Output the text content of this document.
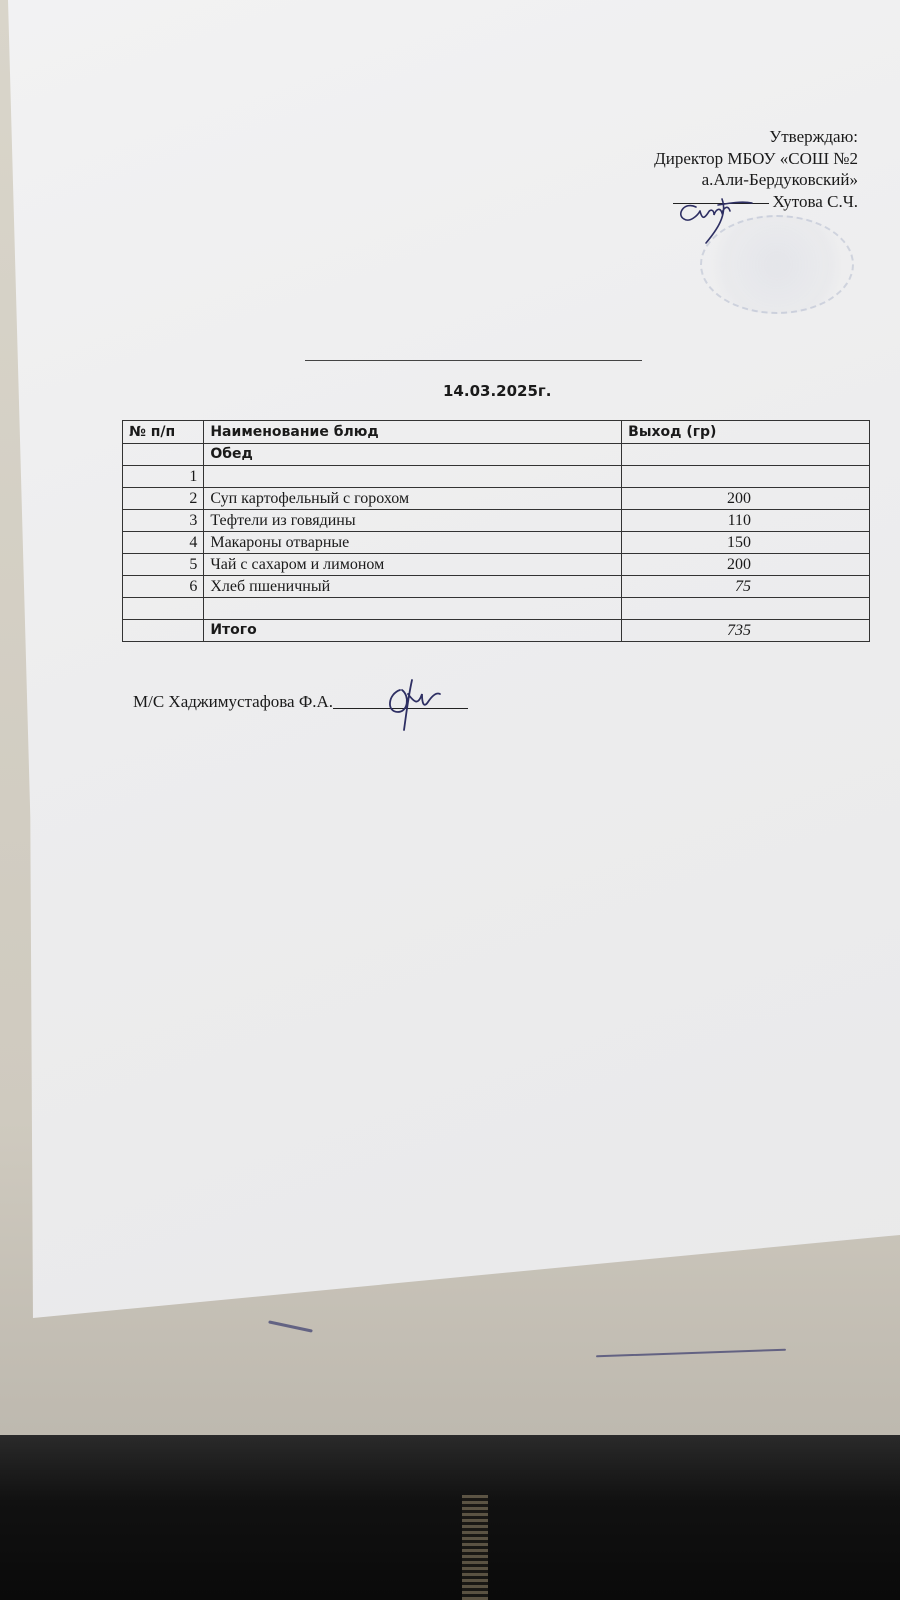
Утверждаю:
Директор МБОУ «СОШ №2
а.Али-Бердуковский»
Хутова С.Ч.
14.03.2025г.
№ п/п	Наименование блюд	Выход (гр)
	Обед	
1		
2	Суп картофельный с горохом	200
3	Тефтели из говядины	110
4	Макароны отварные	150
5	Чай с сахаром и лимоном	200
6	Хлеб пшеничный	75

	Итого	735
М/С Хаджимустафова Ф.А.
